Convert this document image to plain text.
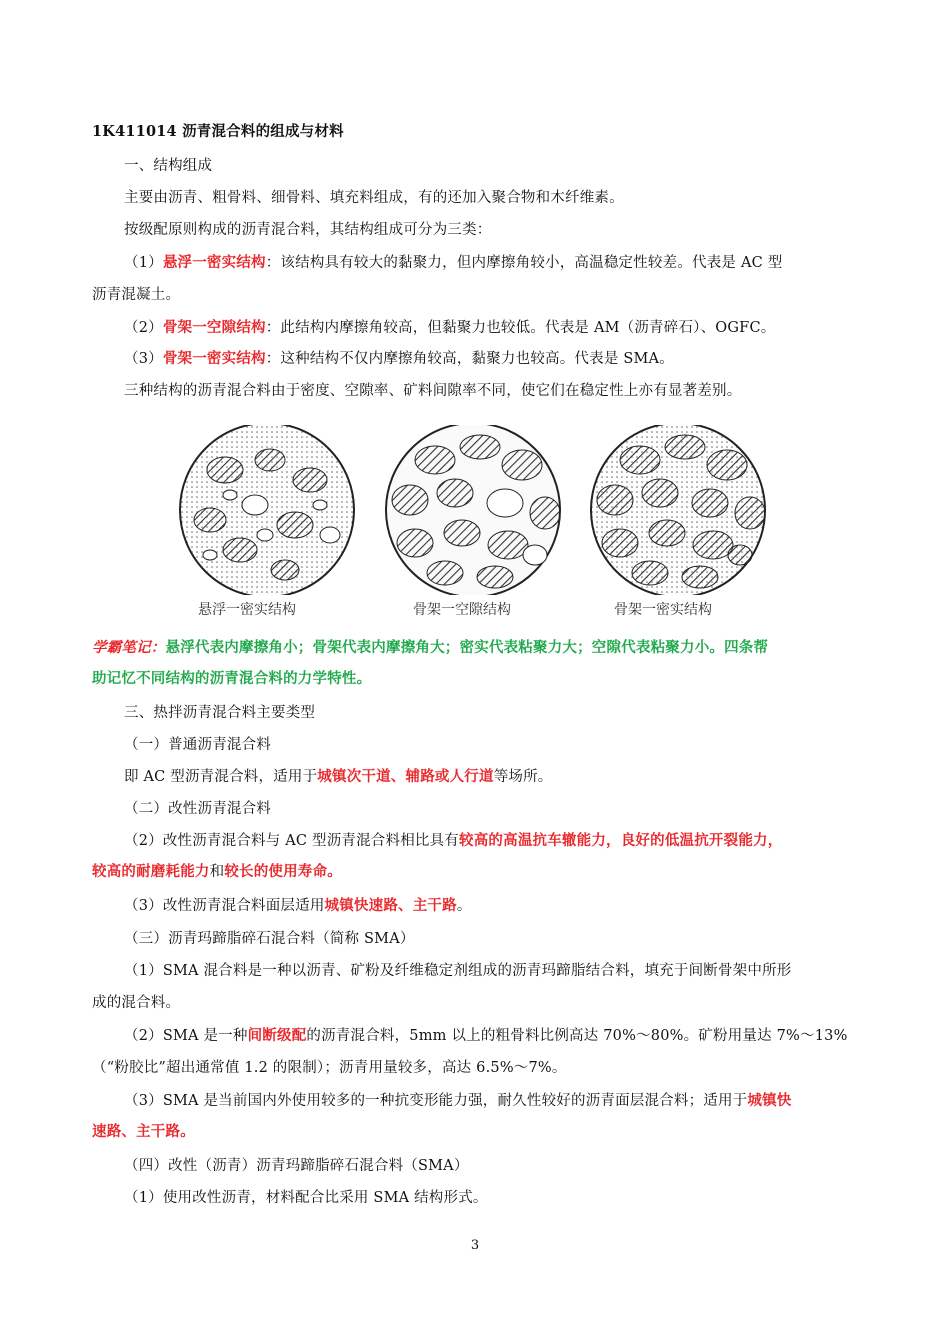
1K411014 沥青混合料的组成与材料
一、结构组成
主要由沥青、粗骨料、细骨料、填充料组成，有的还加入聚合物和木纤维素。
按级配原则构成的沥青混合料，其结构组成可分为三类：
（1）悬浮一密实结构：该结构具有较大的黏聚力，但内摩擦角较小，高温稳定性较差。代表是 AC 型
沥青混凝土。
（2）骨架一空隙结构：此结构内摩擦角较高，但黏聚力也较低。代表是 AM（沥青碎石）、OGFC。
（3）骨架一密实结构：这种结构不仅内摩擦角较高，黏聚力也较高。代表是 SMA。
三种结构的沥青混合料由于密度、空隙率、矿料间隙率不同，使它们在稳定性上亦有显著差别。
悬浮一密实结构	骨架一空隙结构	骨架一密实结构
学霸笔记：悬浮代表内摩擦角小；骨架代表内摩擦角大；密实代表粘聚力大；空隙代表粘聚力小。四条帮
助记忆不同结构的沥青混合料的力学特性。
三、热拌沥青混合料主要类型
（一）普通沥青混合料
即 AC 型沥青混合料，适用于城镇次干道、辅路或人行道等场所。
（二）改性沥青混合料
（2）改性沥青混合料与 AC 型沥青混合料相比具有较高的高温抗车辙能力，良好的低温抗开裂能力，
较高的耐磨耗能力和较长的使用寿命。
（3）改性沥青混合料面层适用城镇快速路、主干路。
（三）沥青玛蹄脂碎石混合料（简称 SMA）
（1）SMA 混合料是一种以沥青、矿粉及纤维稳定剂组成的沥青玛蹄脂结合料，填充于间断骨架中所形
成的混合料。
（2）SMA 是一种间断级配的沥青混合料，5mm 以上的粗骨料比例高达 70%～80%。矿粉用量达 7%～13%
（“粉胶比”超出通常值 1.2 的限制）；沥青用量较多，高达 6.5%～7%。
（3）SMA 是当前国内外使用较多的一种抗变形能力强，耐久性较好的沥青面层混合料；适用于城镇快
速路、主干路。
（四）改性（沥青）沥青玛蹄脂碎石混合料（SMA）
（1）使用改性沥青，材料配合比采用 SMA 结构形式。
3
